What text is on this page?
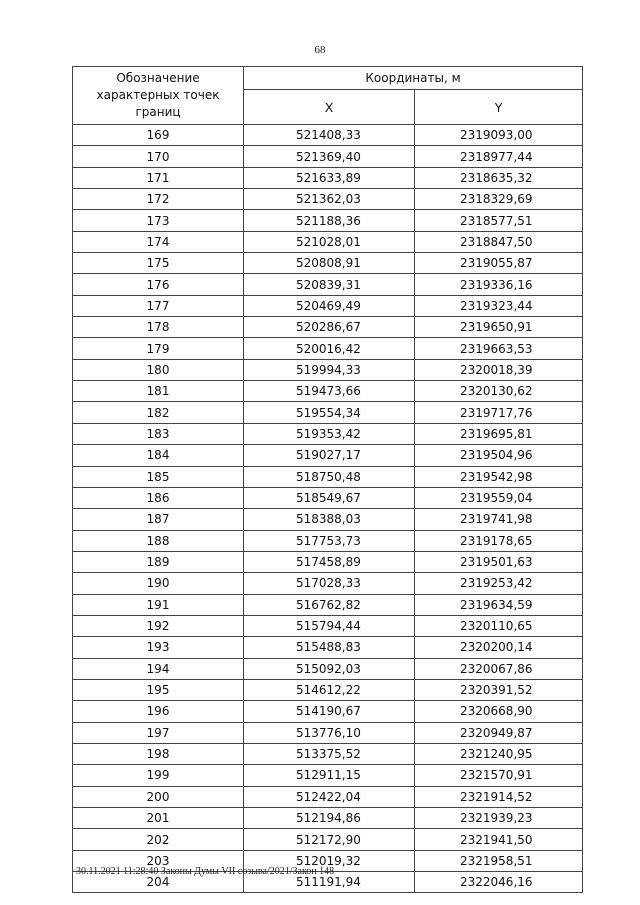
68
Обозначение характерных точек границ	Координаты, м	
	X	Y
169	521408,33	2319093,00
170	521369,40	2318977,44
171	521633,89	2318635,32
172	521362,03	2318329,69
173	521188,36	2318577,51
174	521028,01	2318847,50
175	520808,91	2319055,87
176	520839,31	2319336,16
177	520469,49	2319323,44
178	520286,67	2319650,91
179	520016,42	2319663,53
180	519994,33	2320018,39
181	519473,66	2320130,62
182	519554,34	2319717,76
183	519353,42	2319695,81
184	519027,17	2319504,96
185	518750,48	2319542,98
186	518549,67	2319559,04
187	518388,03	2319741,98
188	517753,73	2319178,65
189	517458,89	2319501,63
190	517028,33	2319253,42
191	516762,82	2319634,59
192	515794,44	2320110,65
193	515488,83	2320200,14
194	515092,03	2320067,86
195	514612,22	2320391,52
196	514190,67	2320668,90
197	513776,10	2320949,87
198	513375,52	2321240,95
199	512911,15	2321570,91
200	512422,04	2321914,52
201	512194,86	2321939,23
202	512172,90	2321941,50
203	512019,32	2321958,51
204	511191,94	2322046,16
30.11.2021 11:28:40 Законы Думы VII созыва/2021/Закон 148
